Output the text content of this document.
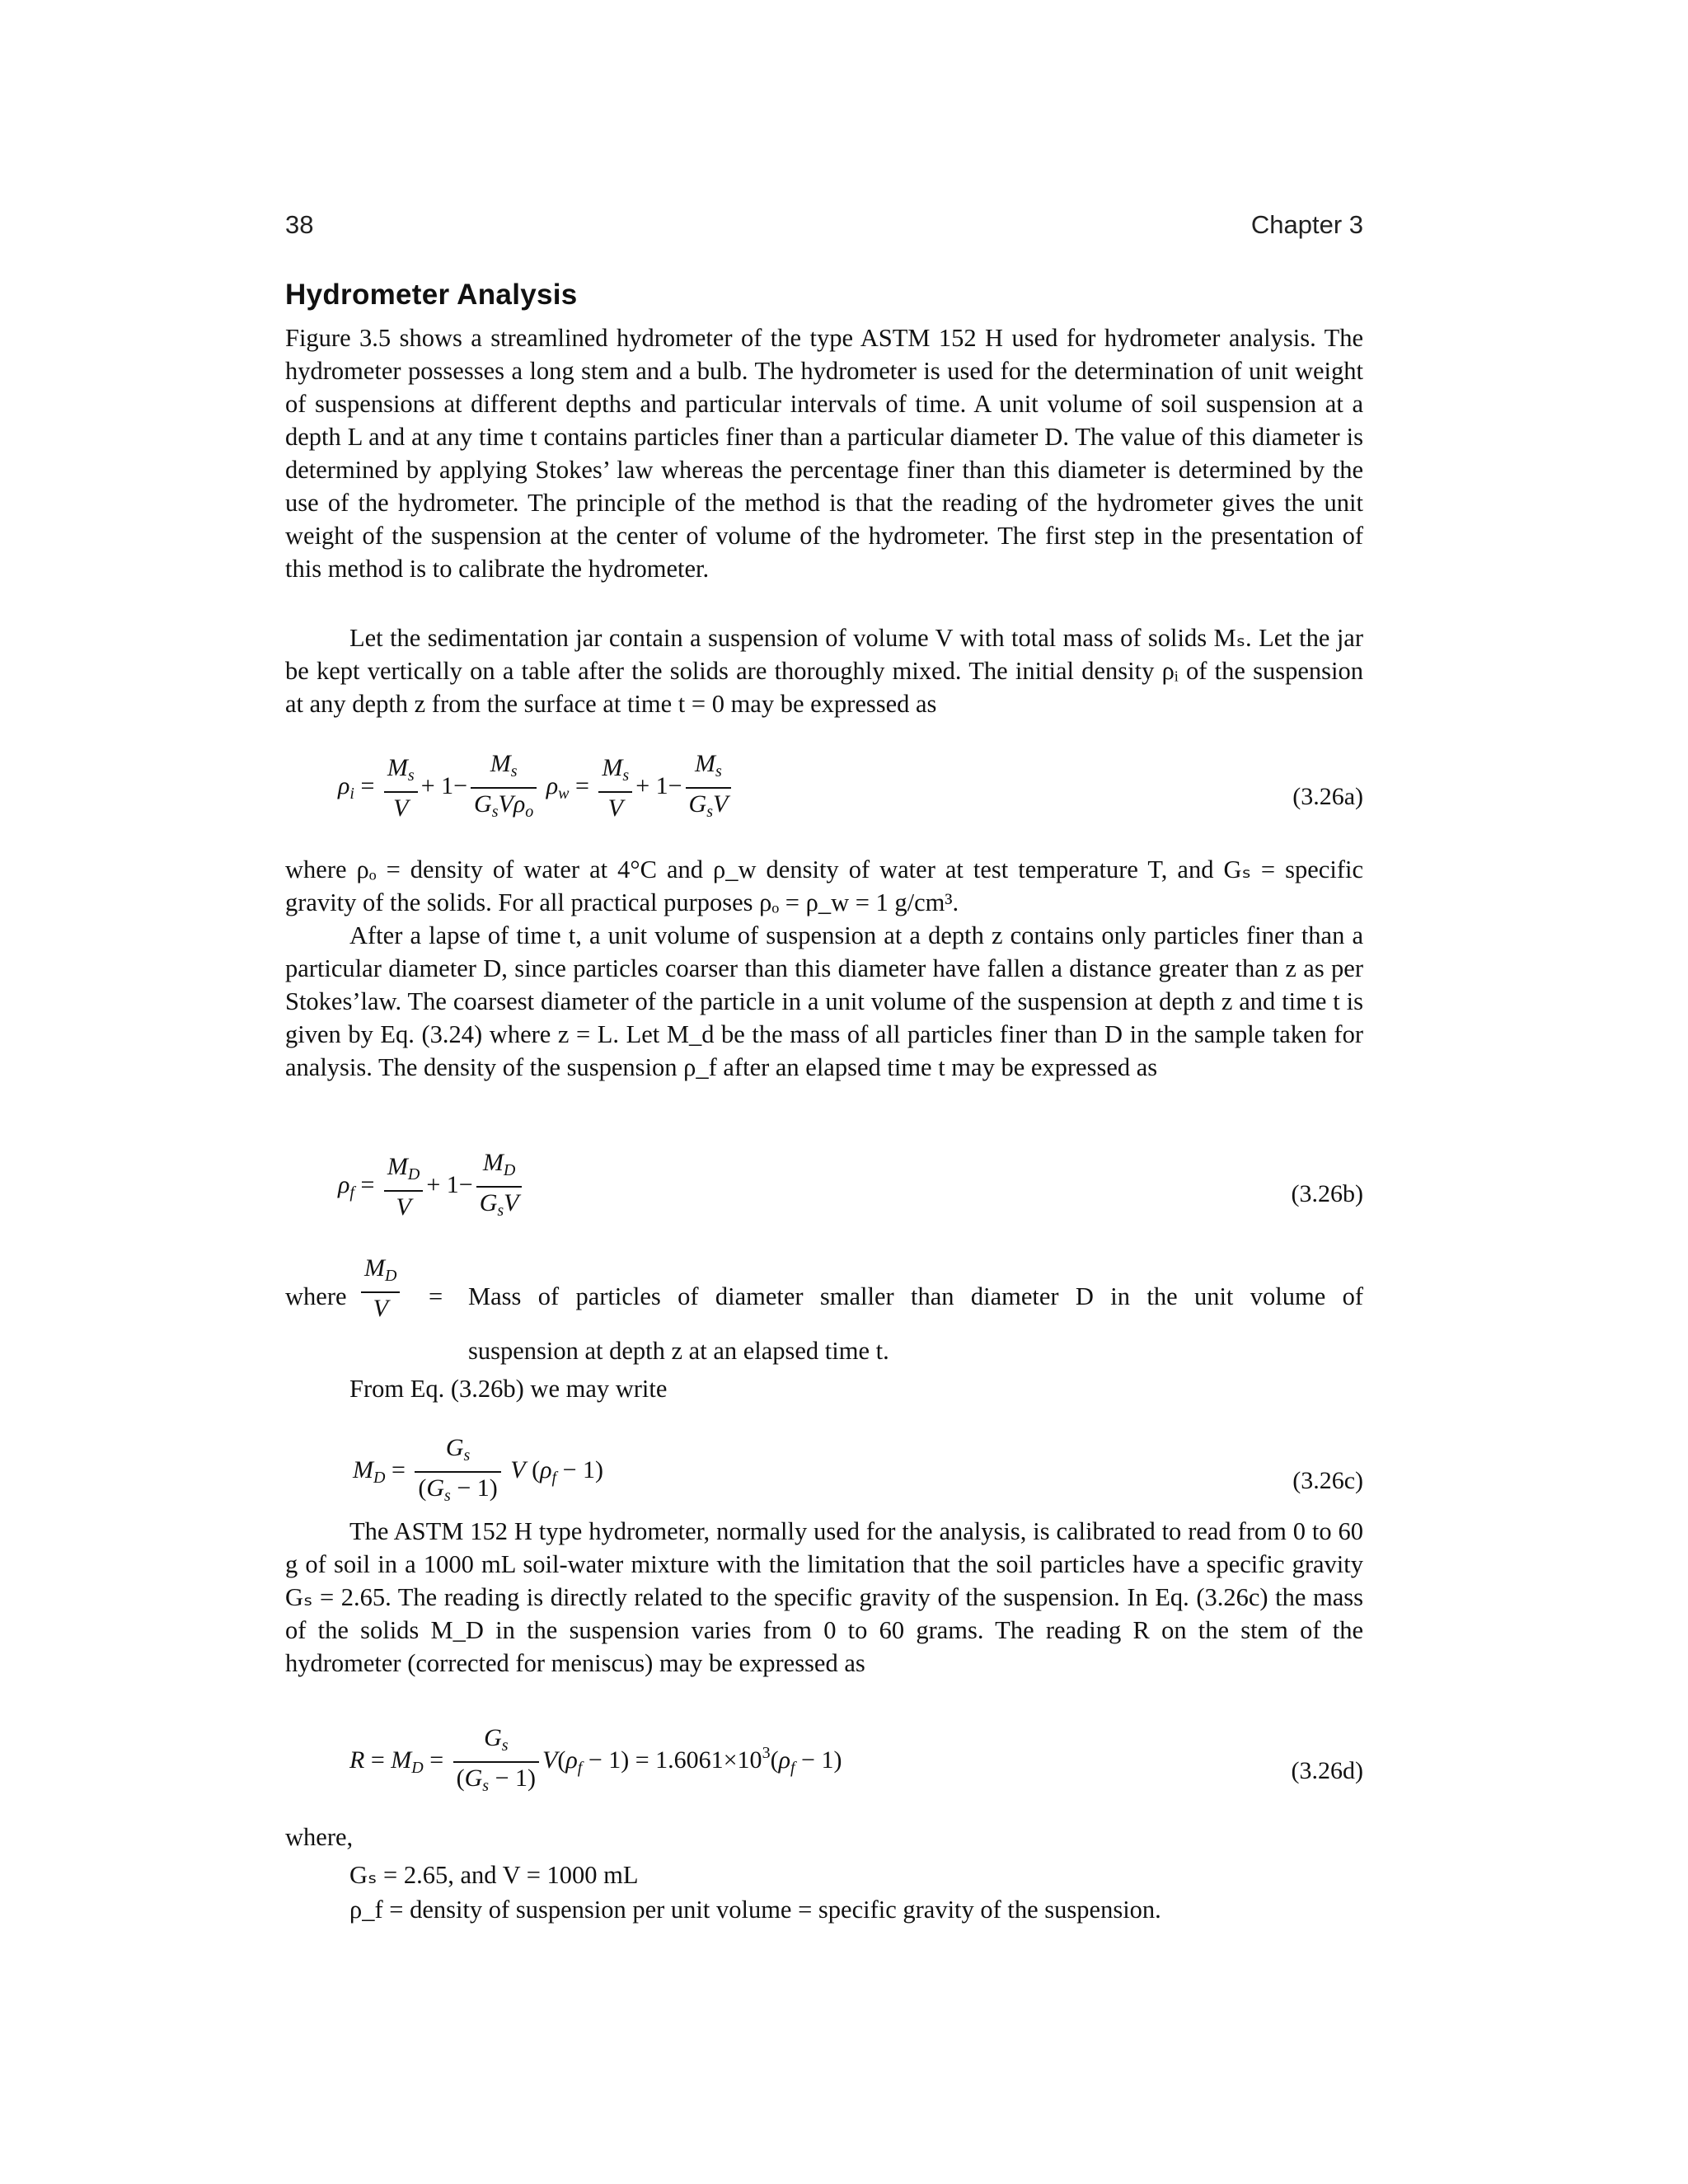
38	Chapter 3
Hydrometer Analysis

Figure 3.5 shows a streamlined hydrometer of the type ASTM 152 H used for hydrometer analysis. The hydrometer possesses a long stem and a bulb. The hydrometer is used for the determination of unit weight of suspensions at different depths and particular intervals of time. A unit volume of soil suspension at a depth L and at any time t contains particles finer than a particular diameter D. The value of this diameter is determined by applying Stokes’ law whereas the percentage finer than this diameter is determined by the use of the hydrometer. The principle of the method is that the reading of the hydrometer gives the unit weight of the suspension at the center of volume of the hydrometer. The first step in the presentation of this method is to calibrate the hydrometer.

Let the sedimentation jar contain a suspension of volume V with total mass of solids Mₛ. Let the jar be kept vertically on a table after the solids are thoroughly mixed. The initial density ρᵢ of the suspension at any depth z from the surface at time t = 0 may be expressed as

$\rho_i = \frac{M_s}{V} + 1- \frac{M_s}{G_sV\rho_o} \rho_w = \frac{M_s}{V} + 1- \frac{M_s}{G_sV}$	(3.26a)

where ρₒ = density of water at 4°C and ρ_w density of water at test temperature T, and Gₛ = specific gravity of the solids. For all practical purposes ρₒ = ρ_w = 1 g/cm³.

After a lapse of time t, a unit volume of suspension at a depth z contains only particles finer than a particular diameter D, since particles coarser than this diameter have fallen a distance greater than z as per Stokes’law. The coarsest diameter of the particle in a unit volume of the suspension at depth z and time t is given by Eq. (3.24) where z = L. Let M_d be the mass of all particles finer than D in the sample taken for analysis. The density of the suspension ρ_f after an elapsed time t may be expressed as

$\rho_f = \frac{M_D}{V} + 1- \frac{M_D}{G_sV}$	(3.26b)
where $\frac{M_D}{V}$ = Mass of particles of diameter smaller than diameter D in the unit volume of
suspension at depth z at an elapsed time t.
From Eq. (3.26b) we may write
$M_D = \frac{G_s}{(G_s - 1)}$ V $(\rho_f - 1)$	(3.26c)

The ASTM 152 H type hydrometer, normally used for the analysis, is calibrated to read from 0 to 60 g of soil in a 1000 mL soil-water mixture with the limitation that the soil particles have a specific gravity Gₛ = 2.65. The reading is directly related to the specific gravity of the suspension. In Eq. (3.26c) the mass of the solids M_D in the suspension varies from 0 to 60 grams. The reading R on the stem of the hydrometer (corrected for meniscus) may be expressed as

$R = M_D = \frac{G_s}{(G_s - 1)} V(\rho_f - 1) = 1.6061\times 10^3(\rho_f - 1)$	(3.26d)
where,
Gₛ = 2.65, and V = 1000 mL
ρ_f = density of suspension per unit volume = specific gravity of the suspension.
